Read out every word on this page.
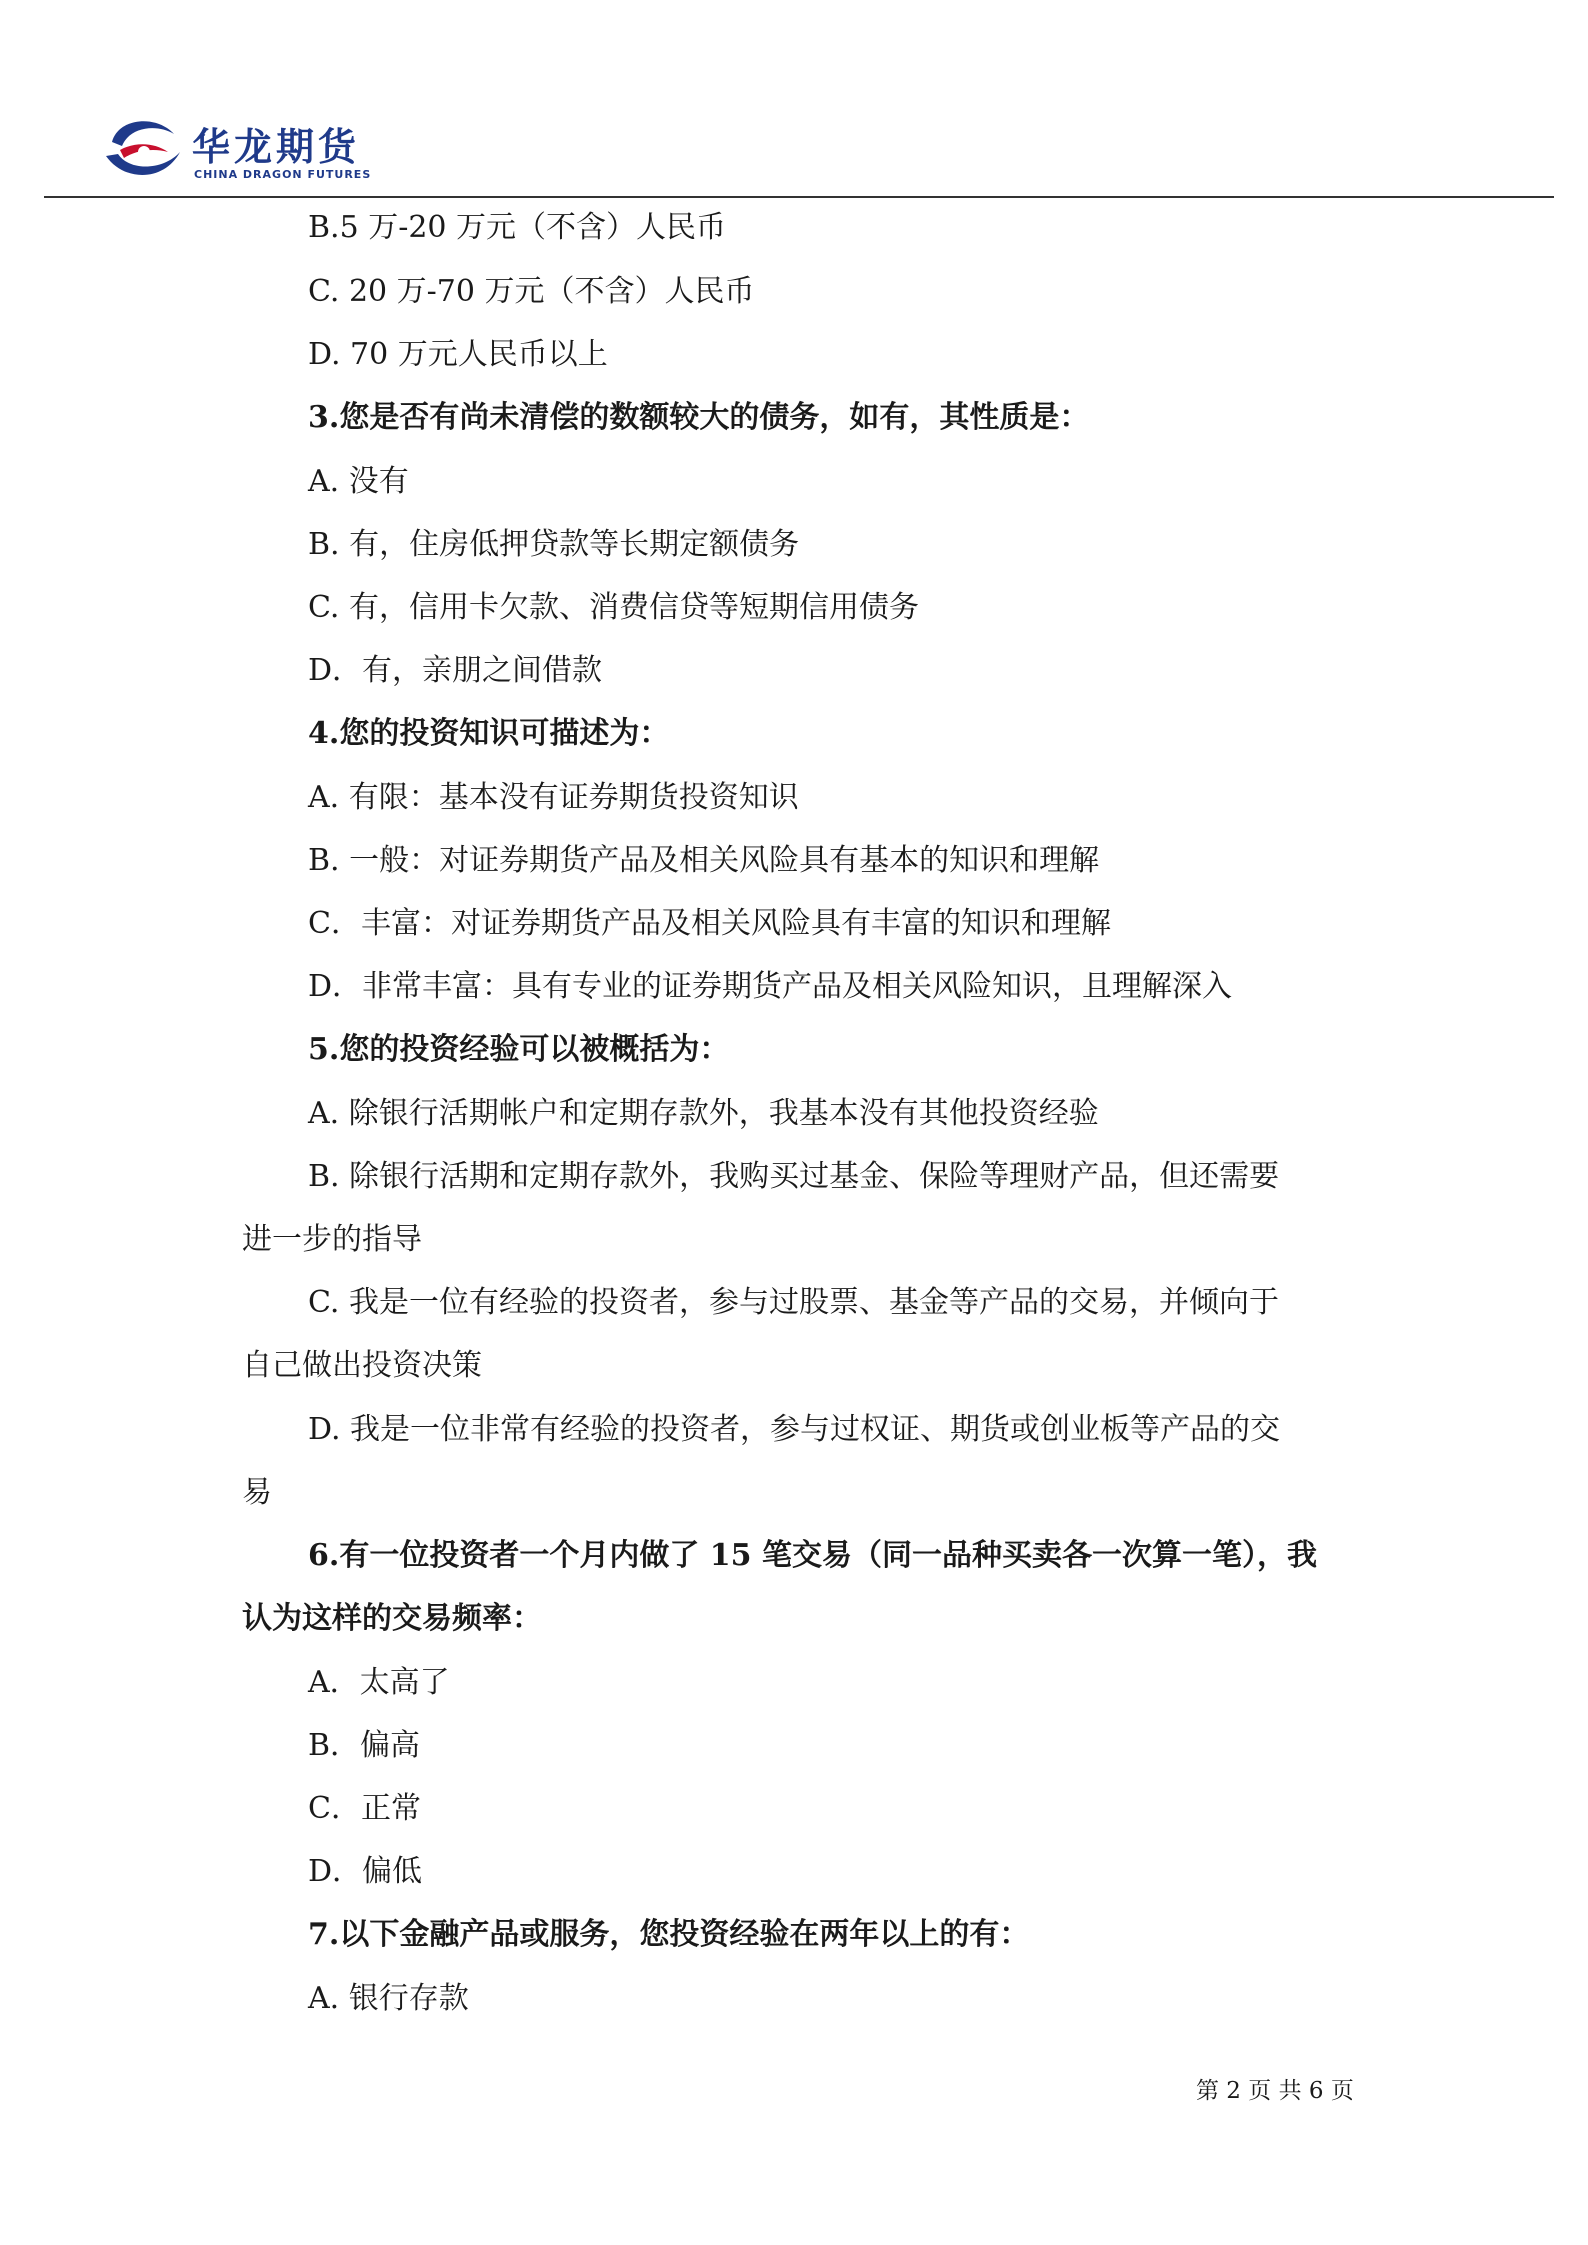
华龙期货
CHINA DRAGON FUTURES
B.5 万-20 万元（不含）人民币
C. 20 万-70 万元（不含）人民币
D. 70 万元人民币以上
3.您是否有尚未清偿的数额较大的债务，如有，其性质是：
A. 没有
B. 有，住房低押贷款等长期定额债务
C. 有，信用卡欠款、消费信贷等短期信用债务
D．有，亲朋之间借款
4.您的投资知识可描述为：
A. 有限：基本没有证券期货投资知识
B. 一般：对证券期货产品及相关风险具有基本的知识和理解
C．丰富：对证券期货产品及相关风险具有丰富的知识和理解
D．非常丰富：具有专业的证券期货产品及相关风险知识，且理解深入
5.您的投资经验可以被概括为：
A. 除银行活期帐户和定期存款外，我基本没有其他投资经验
B. 除银行活期和定期存款外，我购买过基金、保险等理财产品，但还需要
进一步的指导
C. 我是一位有经验的投资者，参与过股票、基金等产品的交易，并倾向于
自己做出投资决策
D. 我是一位非常有经验的投资者，参与过权证、期货或创业板等产品的交
易
6.有一位投资者一个月内做了 15 笔交易（同一品种买卖各一次算一笔），我
认为这样的交易频率：
A．太高了
B．偏高
C．正常
D．偏低
7.以下金融产品或服务，您投资经验在两年以上的有：
A. 银行存款
第 2 页 共 6 页
